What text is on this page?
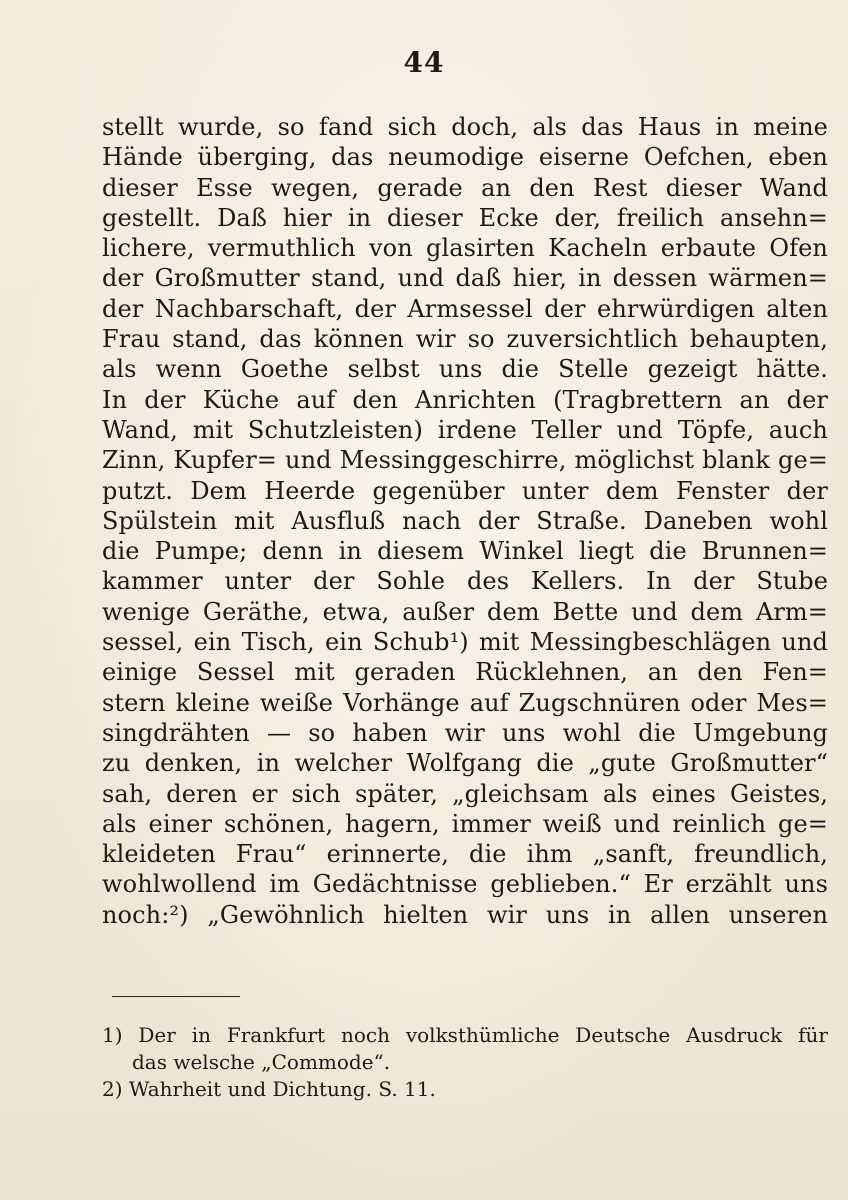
44
stellt wurde, so fand sich doch, als das Haus in meine
Hände überging, das neumodige eiserne Oefchen, eben
dieser Esse wegen, gerade an den Rest dieser Wand
gestellt. Daß hier in dieser Ecke der, freilich ansehn=
lichere, vermuthlich von glasirten Kacheln erbaute Ofen
der Großmutter stand, und daß hier, in dessen wärmen=
der Nachbarschaft, der Armsessel der ehrwürdigen alten
Frau stand, das können wir so zuversichtlich behaupten,
als wenn Goethe selbst uns die Stelle gezeigt hätte.
In der Küche auf den Anrichten (Tragbrettern an der
Wand, mit Schutzleisten) irdene Teller und Töpfe, auch
Zinn, Kupfer= und Messinggeschirre, möglichst blank ge=
putzt. Dem Heerde gegenüber unter dem Fenster der
Spülstein mit Ausfluß nach der Straße. Daneben wohl
die Pumpe; denn in diesem Winkel liegt die Brunnen=
kammer unter der Sohle des Kellers. In der Stube
wenige Geräthe, etwa, außer dem Bette und dem Arm=
sessel, ein Tisch, ein Schub¹) mit Messingbeschlägen und
einige Sessel mit geraden Rücklehnen, an den Fen=
stern kleine weiße Vorhänge auf Zugschnüren oder Mes=
singdrähten — so haben wir uns wohl die Umgebung
zu denken, in welcher Wolfgang die „gute Großmutter“
sah, deren er sich später, „gleichsam als eines Geistes,
als einer schönen, hagern, immer weiß und reinlich ge=
kleideten Frau“ erinnerte, die ihm „sanft, freundlich,
wohlwollend im Gedächtnisse geblieben.“ Er erzählt uns
noch:²) „Gewöhnlich hielten wir uns in allen unseren
1) Der in Frankfurt noch volksthümliche Deutsche Ausdruck für
das welsche „Commode“.
2) Wahrheit und Dichtung. S. 11.
